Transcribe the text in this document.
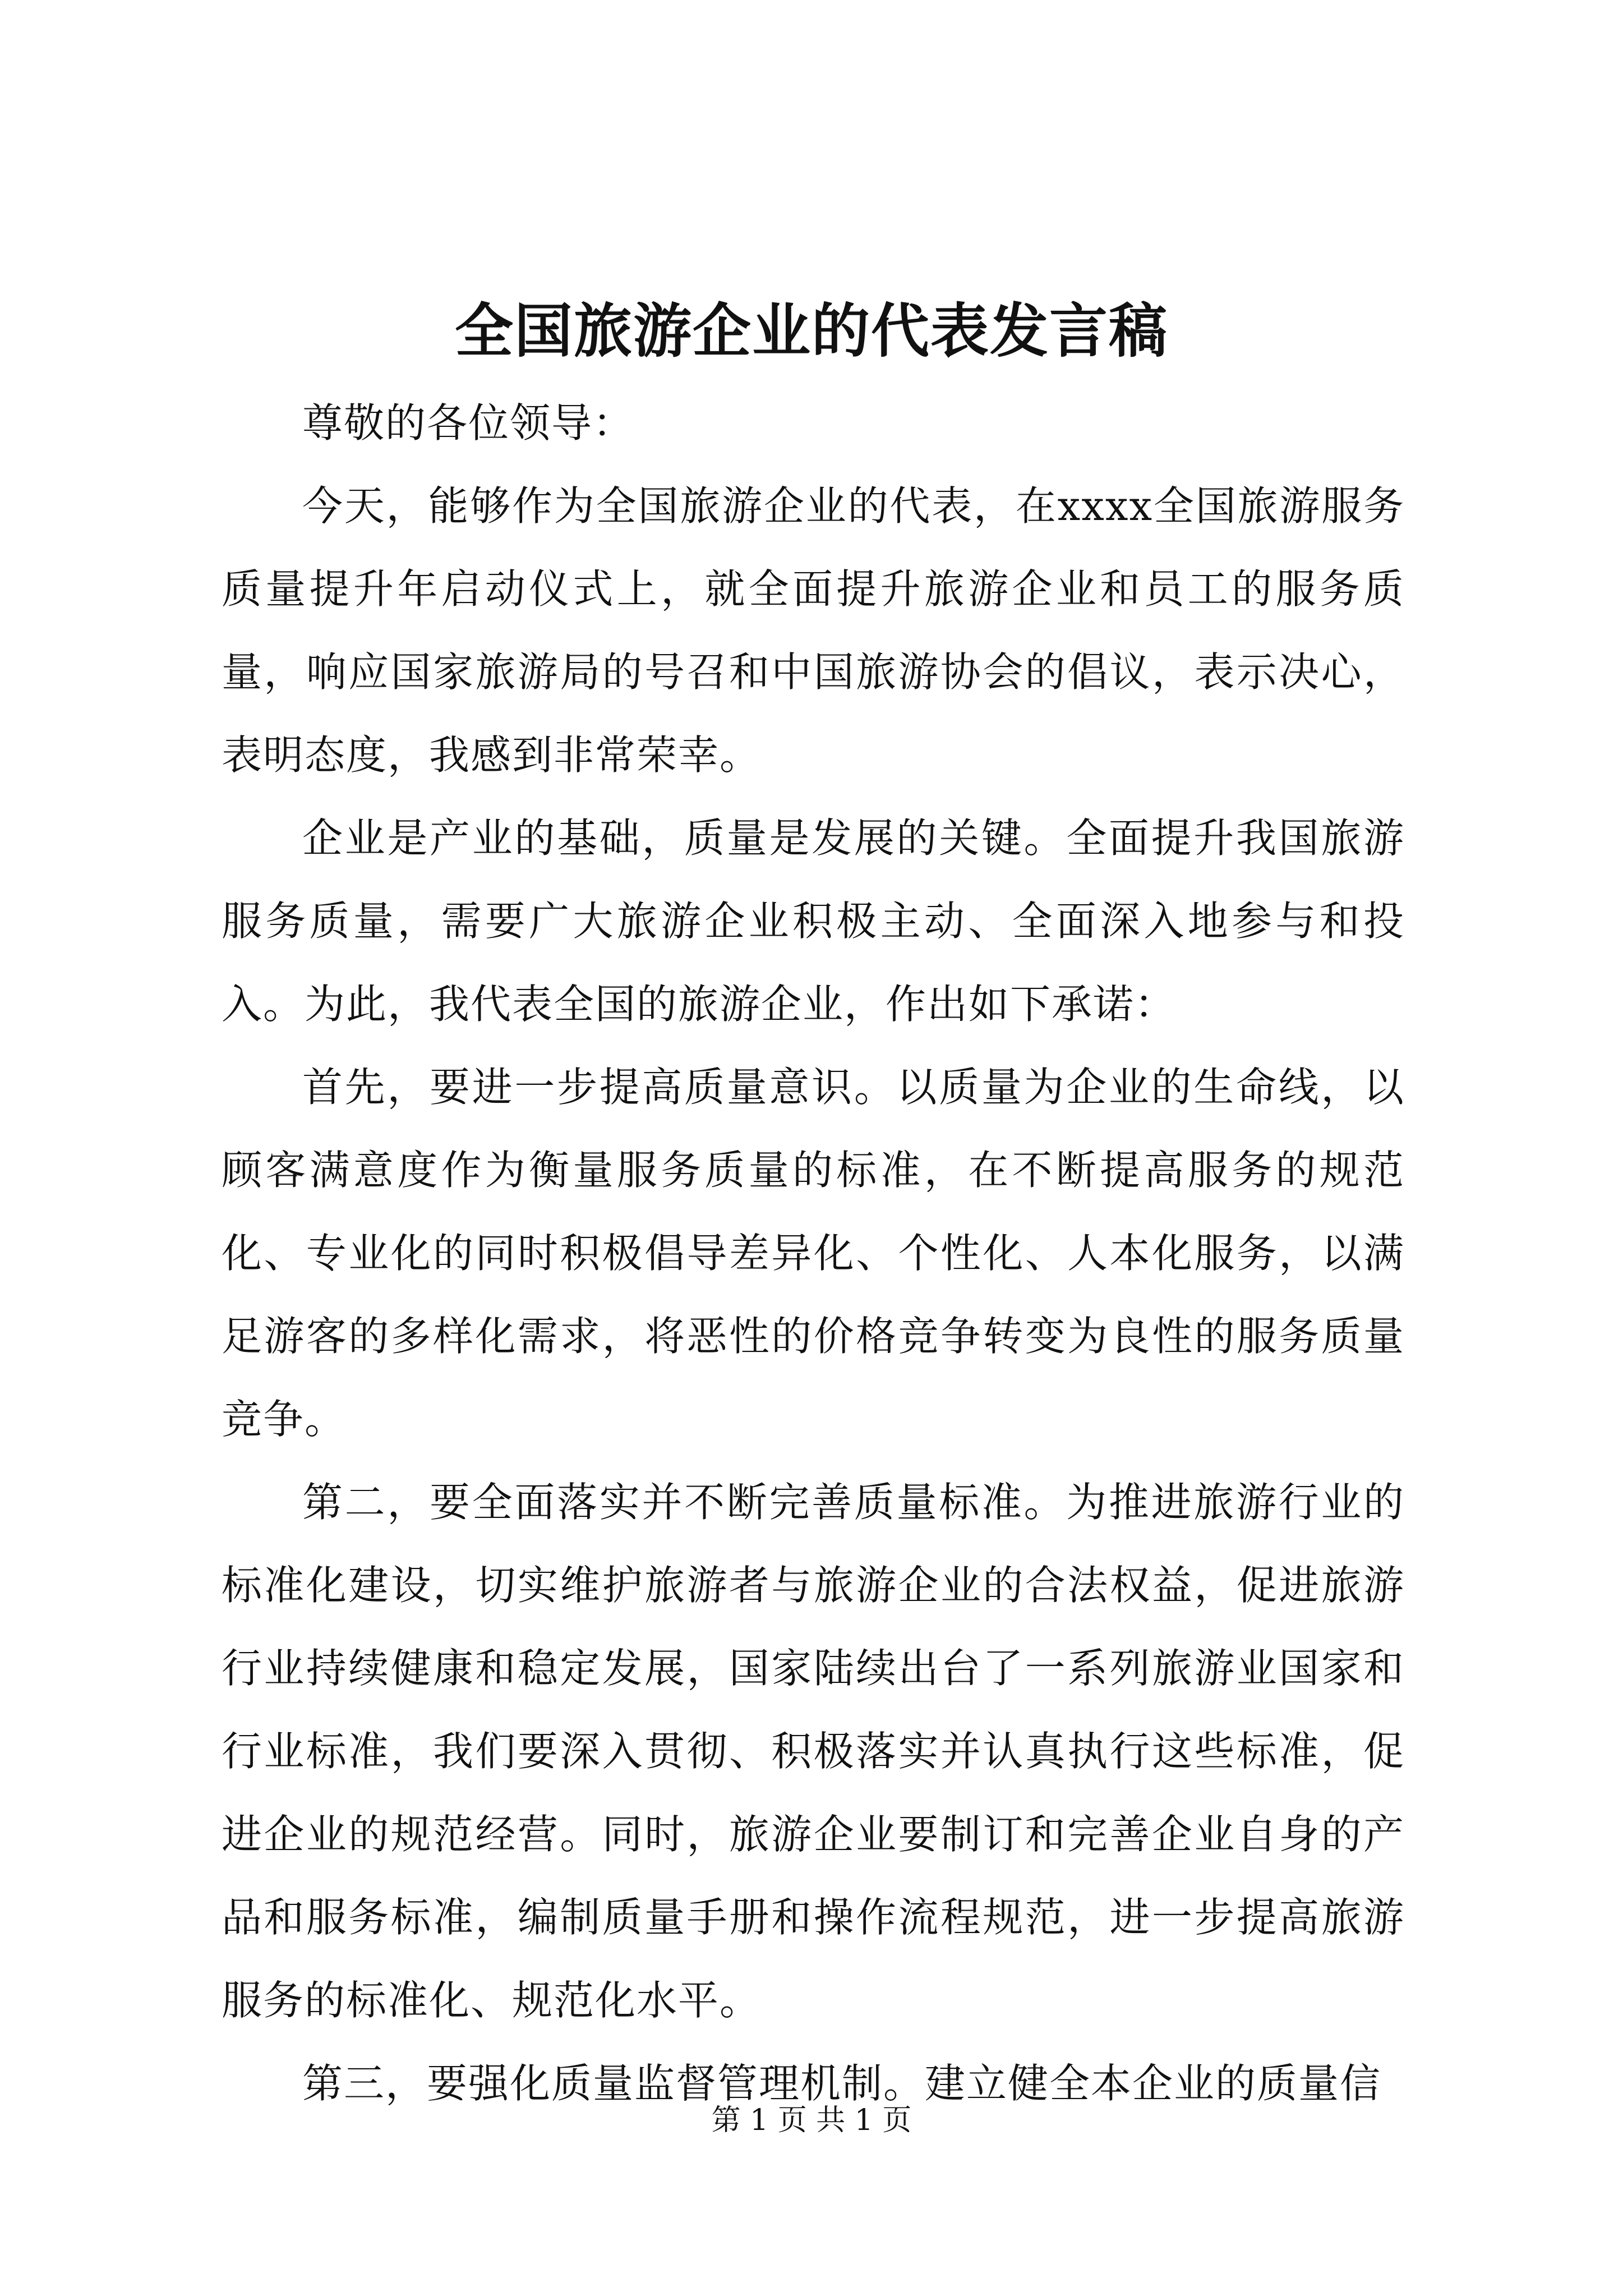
全国旅游企业的代表发言稿

尊敬的各位领导：

今天，能够作为全国旅游企业的代表，在xxxx全国旅游服务质量提升年启动仪式上，就全面提升旅游企业和员工的服务质量，响应国家旅游局的号召和中国旅游协会的倡议，表示决心，表明态度，我感到非常荣幸。

企业是产业的基础，质量是发展的关键。全面提升我国旅游服务质量，需要广大旅游企业积极主动、全面深入地参与和投入。为此，我代表全国的旅游企业，作出如下承诺：

首先，要进一步提高质量意识。以质量为企业的生命线，以顾客满意度作为衡量服务质量的标准，在不断提高服务的规范化、专业化的同时积极倡导差异化、个性化、人本化服务，以满足游客的多样化需求，将恶性的价格竞争转变为良性的服务质量竞争。

第二，要全面落实并不断完善质量标准。为推进旅游行业的标准化建设，切实维护旅游者与旅游企业的合法权益，促进旅游行业持续健康和稳定发展，国家陆续出台了一系列旅游业国家和行业标准，我们要深入贯彻、积极落实并认真执行这些标准，促进企业的规范经营。同时，旅游企业要制订和完善企业自身的产品和服务标准，编制质量手册和操作流程规范，进一步提高旅游服务的标准化、规范化水平。

第三，要强化质量监督管理机制。建立健全本企业的质量信

第 1 页 共 1 页
